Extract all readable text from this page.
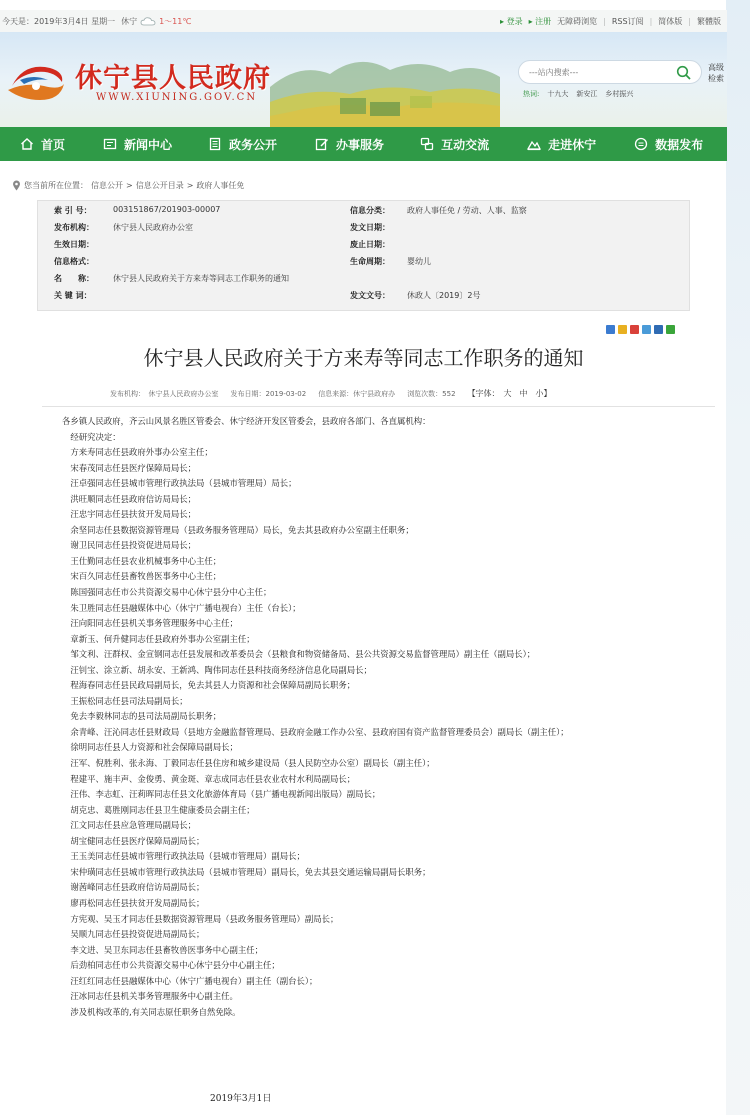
今天是：2019年3月4日 星期一 休宁	1～11℃	▸ 登录 ▸ 注册 无障碍浏览 | RSS订阅 | 简体版 | 繁體版
休宁县人民政府
WWW.XIUNING.GOV.CN
---站内搜索---
高级检索
热词: 十九大 新安江 乡村振兴
首页	新闻中心	政务公开	办事服务	互动交流	走进休宁	数据发布
您当前所在位置： 信息公开 > 信息公开目录 > 政府人事任免
索 引 号：	003151867/201903-00007	信息分类： 政府人事任免 / 劳动、人事、监察
发布机构： 休宁县人民政府办公室	发文日期：
生效日期：	废止日期：
信息格式：	生命周期： 婴幼儿
名　　称： 休宁县人民政府关于方来寿等同志工作职务的通知
关 键 词：	发文文号： 休政人〔2019〕2号
休宁县人民政府关于方来寿等同志工作职务的通知
发布机构：　休宁县人民政府办公室 发布日期：2019-03-02 信息来源：休宁县政府办 浏览次数：552 【字体：　大　中　小】

各乡镇人民政府，齐云山风景名胜区管委会、休宁经济开发区管委会，县政府各部门、各直属机构：

　经研究决定：

　方来寿同志任县政府外事办公室主任；

　宋春茂同志任县医疗保障局局长；

　汪卓强同志任县城市管理行政执法局（县城市管理局）局长；

　洪旺顺同志任县政府信访局局长；

　汪忠宇同志任县扶贫开发局局长；

　余坚同志任县数据资源管理局（县政务服务管理局）局长，免去其县政府办公室副主任职务；

　谢卫民同志任县投资促进局局长；

　王仕勤同志任县农业机械事务中心主任；

　宋百久同志任县畜牧兽医事务中心主任；

　陈国强同志任市公共资源交易中心休宁县分中心主任；

　朱卫胜同志任县融媒体中心（休宁广播电视台）主任（台长）；

　汪向阳同志任县机关事务管理服务中心主任；

　章新玉、何升健同志任县政府外事办公室副主任；

　邹文利、汪群权、金宣钢同志任县发展和改革委员会（县粮食和物资储备局、县公共资源交易监督管理局）副主任（副局长）；

　汪钊宝、涂立新、胡永安、王新鸿、陶伟同志任县科技商务经济信息化局副局长；

　程海春同志任县民政局副局长，免去其县人力资源和社会保障局副局长职务；

　王振松同志任县司法局副局长；

　免去李毅林同志的县司法局副局长职务；

　余青峰、汪沁同志任县财政局（县地方金融监督管理局、县政府金融工作办公室、县政府国有资产监督管理委员会）副局长（副主任）；

　徐明同志任县人力资源和社会保障局副局长；

　汪军、倪胜利、张永海、丁毅同志任县住房和城乡建设局（县人民防空办公室）副局长（副主任）；

　程建平、施丰声、金俊勇、黄金斑、章志成同志任县农业农村水利局副局长；

　汪伟、李志虹、汪莉晖同志任县文化旅游体育局（县广播电视新闻出版局）副局长；

　胡克忠、葛胜刚同志任县卫生健康委员会副主任；

　江文同志任县应急管理局副局长；

　胡宝健同志任县医疗保障局副局长；

　王玉美同志任县城市管理行政执法局（县城市管理局）副局长；

　宋仲璜同志任县城市管理行政执法局（县城市管理局）副局长，免去其县交通运输局副局长职务；

　谢茜峰同志任县政府信访局副局长；

　廖再松同志任县扶贫开发局副局长；

　方宪观、吴玉才同志任县数据资源管理局（县政务服务管理局）副局长；

　吴顺九同志任县投资促进局副局长；

　李文进、吴卫东同志任县畜牧兽医事务中心副主任；

　后劲柏同志任市公共资源交易中心休宁县分中心副主任；

　汪红红同志任县融媒体中心（休宁广播电视台）副主任（副台长）；

　汪冰同志任县机关事务管理服务中心副主任。

　涉及机构改革的,有关同志原任职务自然免除。

2019年3月1日
